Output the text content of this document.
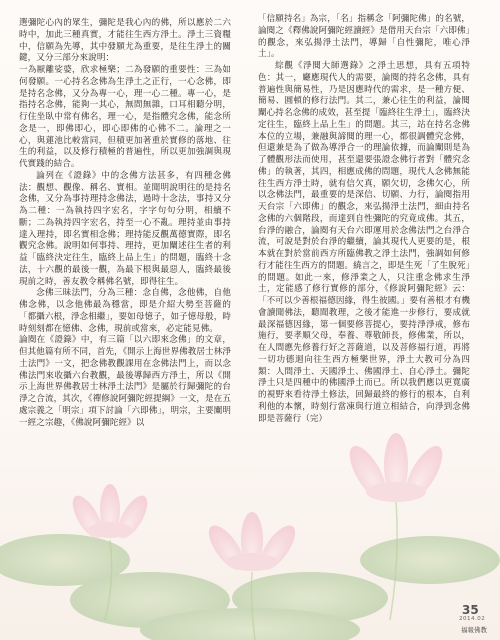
選彌陀心內的眾生，彌陀是我心內的佛，所以應於二六時中，加此三種真實，才能往生西方淨土。淨土三資糧中，信願為先導，其中發願尤為重要，是往生淨土的關鍵，又分三部分來說明：

一為厭離娑婆，欣求極樂；二為發願的重要性：三為如何發願。一心持名念佛為生淨土之正行，一心念佛，即是持名念佛，又分為專一心，理一心二種。專一心，是指持名念佛，能夠一其心，無間無雜，口耳相聽分明，行住坐臥中常有佛名，理一心，是指體究念佛，能念所念是一，即佛即心，即心即佛的心佛不二。論理之一心，與蓮池比較當同，但積更加著重於實修的落地、往生的利益，以及修行積極的普遍性，所以更加強調與現代實踐的結合。

論列在《證錄》中的念佛方法甚多，有四種念佛法：觀想、觀像、稱名、實相。並聞明說明往的是持名念佛，又分為事持理持念佛法，過時十念法，事持又分為二種：一為執持四字宏名，字字句句分明，相續不斷；二為執持四字宏名，持至一心不亂。理持並由事持達入理持，即名實相念佛；理持能反觀萬德實際，即名觀究念佛。說明如何事持、理持，更加闡述往生者的利益「臨終決定往生，臨終上品上生」的問題，臨終十念法，十六觀的最後一觀，為最下根與最惡人，臨終最後現前之時，善友教令稱佛名號，即得往生。

念佛三昧法門，分為三種：念自佛，念他佛，自他佛念佛，以念他佛最為穩當，即是介紹大勢至菩薩的「都攝六根，淨念相繼」，要如母憶子，如子憶母般，時時刻刻都在憶佛、念佛，現前或當來，必定能見佛。

論閱在《證錄》中，有三篇「以六即來念佛」的文章，但其他篇有所不同，首先，《開示上海世界佛教居士林淨土法門》一文，把念佛教觀課用在念佛法門上，而以念佛法門來收攝六台教觀，最後導歸西方淨土，所以《開示上海世界佛教居士林淨土法門》是屬於行歸彌陀的台淨之合流，其次，《禪修說阿彌陀經提綱》一文，是在五處宗義之「明宗」項下討論「六即佛」，明宗，主要闡明一經之宗趣，《佛說阿彌陀經》以

「信願持名」為宗，「名」指稱念「阿彌陀佛」的名號，論閱之《釋佛說阿彌陀經讀經》是借用天台宗「六即佛」的觀念，來弘揚淨土法門，導歸「自性彌陀，唯心淨土」。

綜觀《淨閱大師選錄》之淨土思想，具有五項特色：其一，廳應現代人的需要，論閱的持名念佛，具有普遍性與簡易性，乃是因應時代的需求，是一種方便、簡易、圓頓的修行法門。其二，兼心往生的利益，論閱闡心持名念佛的成效，甚至提「臨終往生淨土」，臨終決定往生，臨終上品上生」的問題。其三，站在持名念佛本位的立場，兼融與諦閱的理一心，都很調體究念佛，但還兼是為了做為導淨合一的理論依據，而論闡則是為了體觀形法而使用，甚至還要張證念佛行者對「體究念佛」的執著，其四，相應成佛的問題，現代人念佛無能往生西方淨土時，就有信欠真，願欠切，念佛欠心，所以念佛法門，最重要的是深信、切願、力行，論閱指用天台宗「六即佛」的觀念，來弘揚淨土法門，細由持名念佛的六個階段，而達到自性彌陀的究竟成佛。其五，台淨的融合，論閱有天台六即運用於念佛法門之台淨合流，可說是對於台淨的繼續，論其現代人更要的是，根本就在對於當前西方所臨佛教之淨土法門，強調如何修行才能往生西方的問題。繞言之，即是生死「了生脫死」的問題。如此一來，修淨業之人，只注重念佛求生淨土，定能感了修行實修的部分，《修說阿彌陀經》云：「不可以少善根福德因緣，得生彼國。」要有善根才有機會讀聞佛法，聽聞教理，之後才能進一步修行，要成就最深福德因緣，第一個要修菩提心，要持淨淨戒，修布施行，要孝順父母，奉養、尊敬師長，修佛業，所以，在人間應先修養行好之菩薩道，以及菩修福行道，再將一切功德迴向往生西方極樂世界，淨土大教可分為四類：人間淨土、天國淨土、佛國淨土、自心淨土。彌陀淨土只是四種中的佛國淨土而已。所以我們應以更寬廣的視野來看待淨土修法，回歸最終的修行的根本，自利利他的本懷，時刻行當凍與行道立相結合，向淨到念佛即是菩薩行（完）

35
2014.02
福報佛教
